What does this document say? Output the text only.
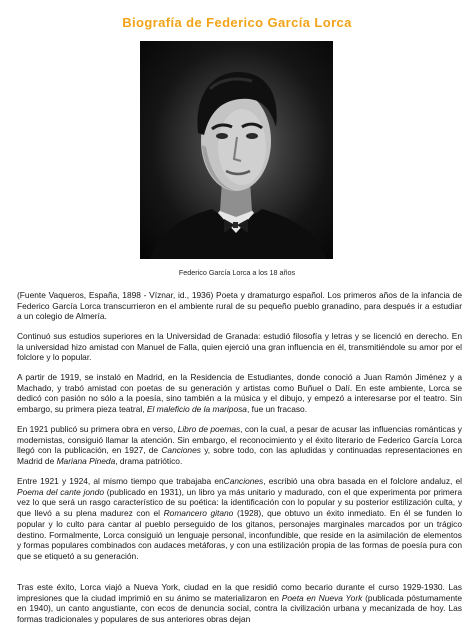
Biografía de Federico García Lorca

Federico García Lorca a los 18 años

(Fuente Vaqueros, España, 1898 - Víznar, id., 1936) Poeta y dramaturgo español. Los primeros años de la infancia de Federico García Lorca transcurrieron en el ambiente rural de su pequeño pueblo granadino, para después ir a estudiar a un colegio de Almería.

Continuó sus estudios superiores en la Universidad de Granada: estudió filosofía y letras y se licenció en derecho. En la universidad hizo amistad con Manuel de Falla, quien ejerció una gran influencia en él, transmitiéndole su amor por el folclore y lo popular.

A partir de 1919, se instaló en Madrid, en la Residencia de Estudiantes, donde conoció a Juan Ramón Jiménez y a Machado, y trabó amistad con poetas de su generación y artistas como Buñuel o Dalí. En este ambiente, Lorca se dedicó con pasión no sólo a la poesía, sino también a la música y el dibujo, y empezó a interesarse por el teatro. Sin embargo, su primera pieza teatral, El maleficio de la mariposa, fue un fracaso.

En 1921 publicó su primera obra en verso, Libro de poemas, con la cual, a pesar de acusar las influencias románticas y modernistas, consiguió llamar la atención. Sin embargo, el reconocimiento y el éxito literario de Federico García Lorca llegó con la publicación, en 1927, de Canciones y, sobre todo, con las apludidas y continuadas representaciones en Madrid de Mariana Pineda, drama patriótico.

Entre 1921 y 1924, al mismo tiempo que trabajaba enCanciones, escribió una obra basada en el folclore andaluz, el Poema del cante jondo (publicado en 1931), un libro ya más unitario y madurado, con el que experimenta por primera vez lo que será un rasgo característico de su poética: la identificación con lo popular y su posterior estilización culta, y que llevó a su plena madurez con el Romancero gitano (1928), que obtuvo un éxito inmediato. En él se funden lo popular y lo culto para cantar al pueblo perseguido de los gitanos, personajes marginales marcados por un trágico destino. Formalmente, Lorca consiguió un lenguaje personal, inconfundible, que reside en la asimilación de elementos y formas populares combinados con audaces metáforas, y con una estilización propia de las formas de poesía pura con que se etiquetó a su generación.

Tras este éxito, Lorca viajó a Nueva York, ciudad en la que residió como becario durante el curso 1929-1930. Las impresiones que la ciudad imprimió en su ánimo se materializaron en Poeta en Nueva York (publicada póstumamente en 1940), un canto angustiante, con ecos de denuncia social, contra la civilización urbana y mecanizada de hoy. Las formas tradicionales y populares de sus anteriores obras dejan
